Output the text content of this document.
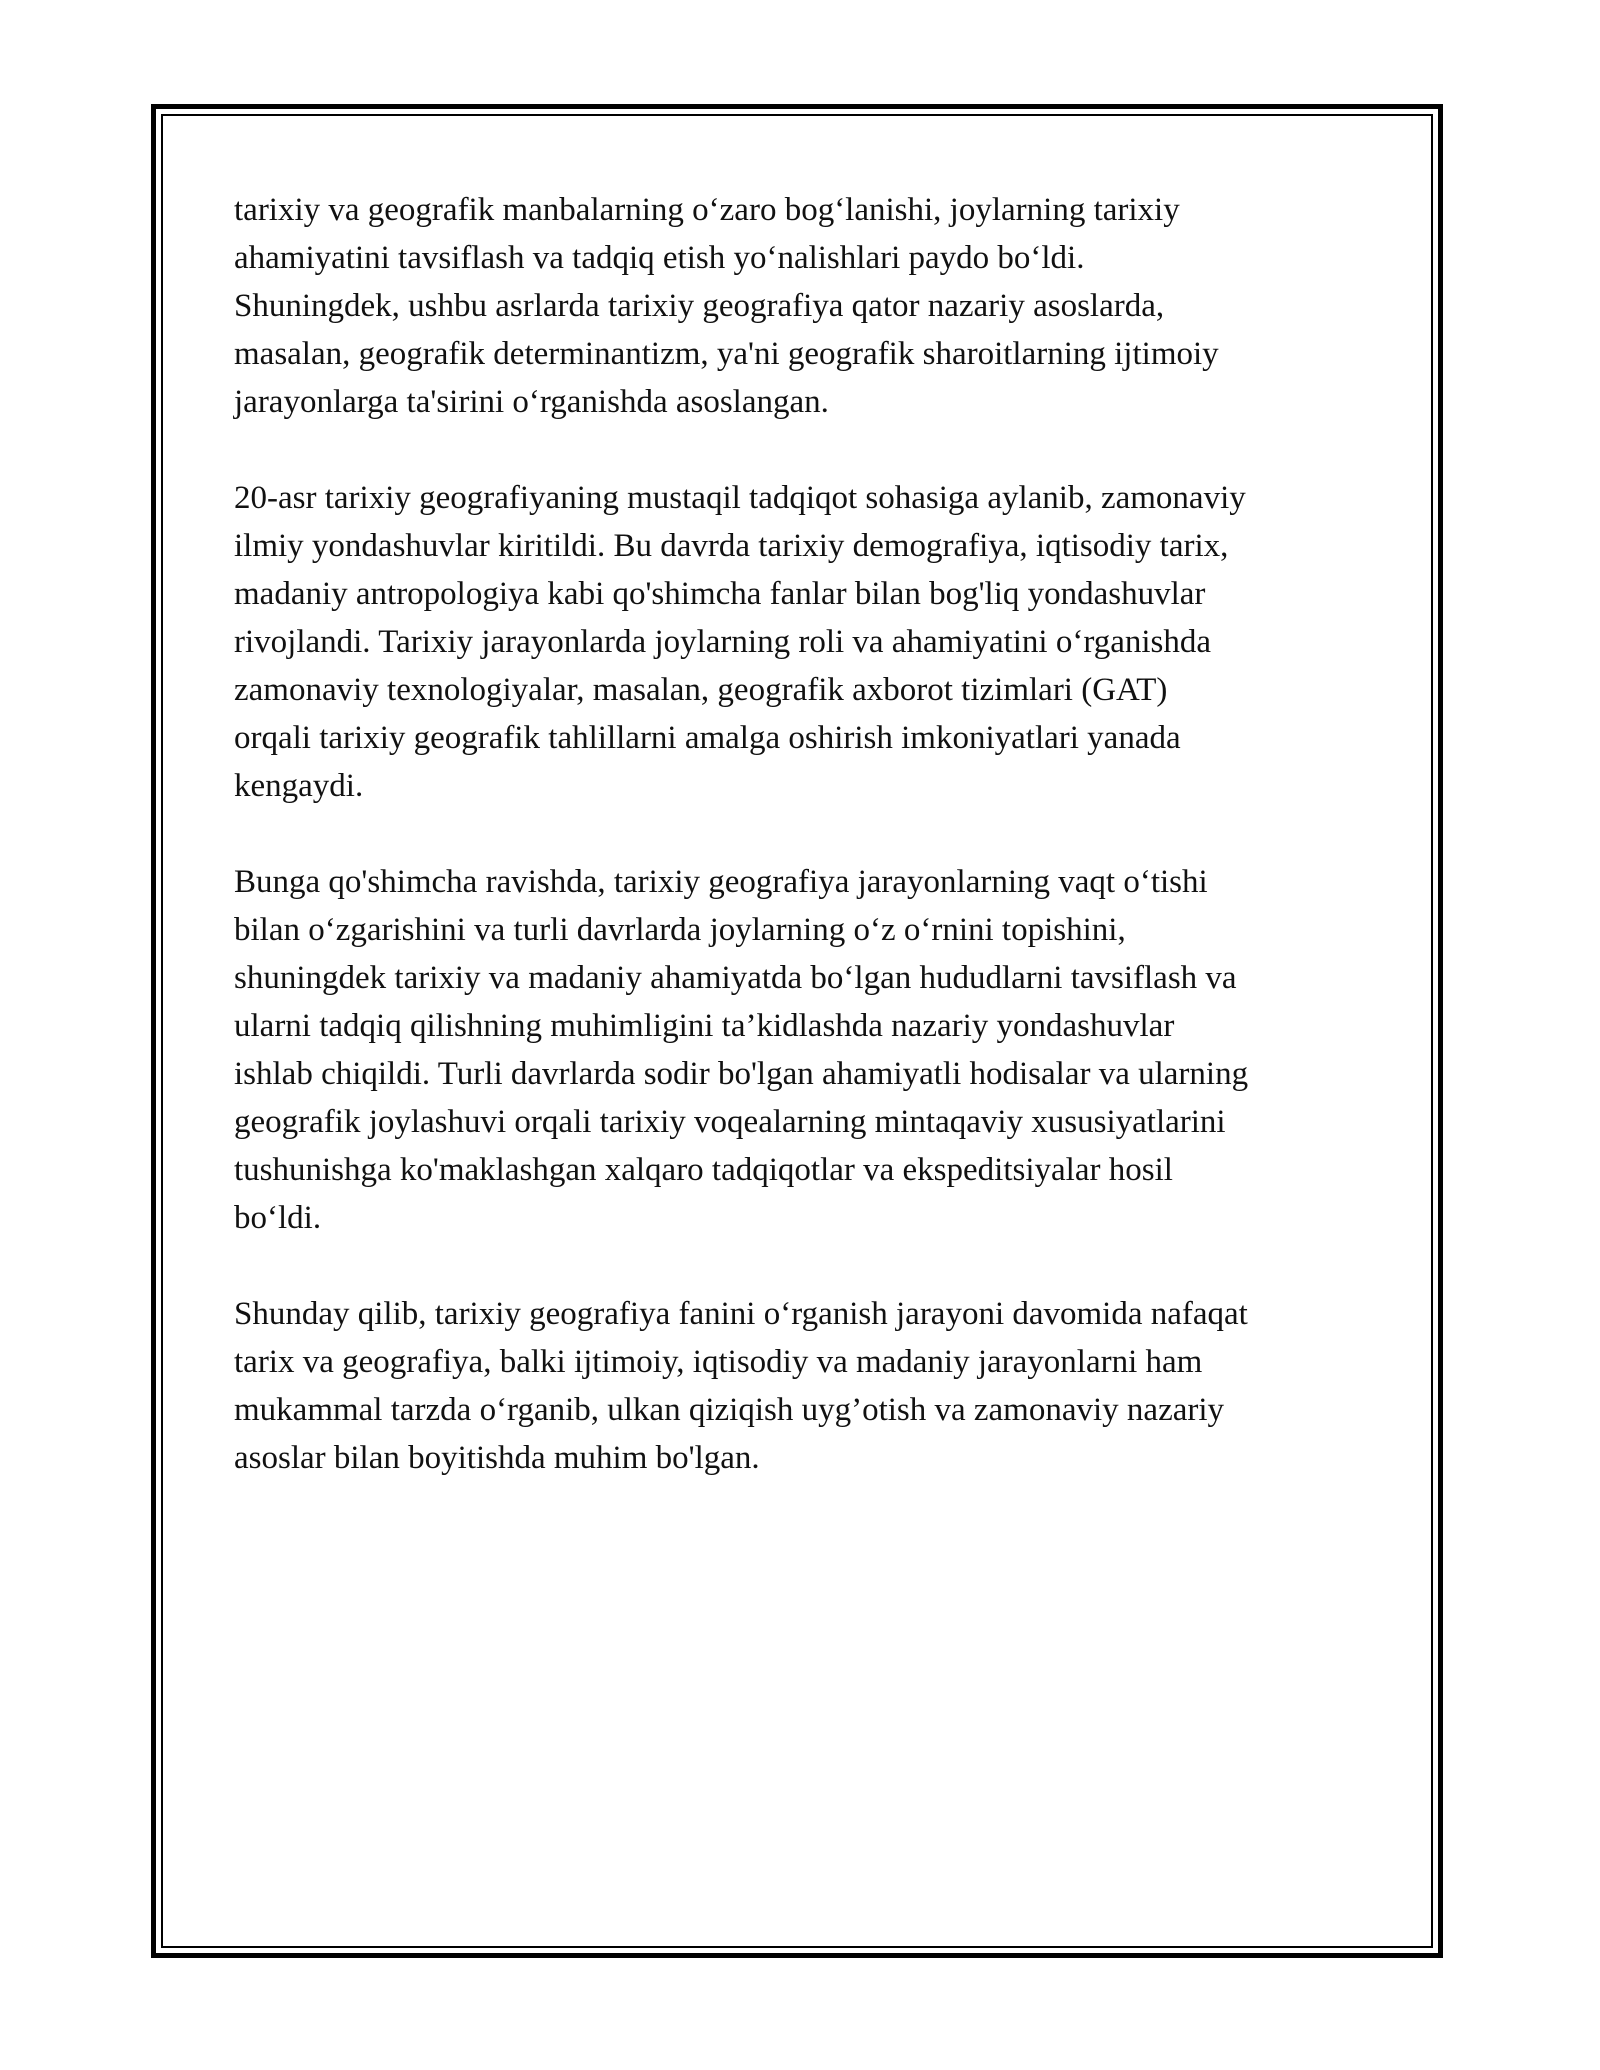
tarixiy va geografik manbalarning o‘zaro bog‘lanishi, joylarning tarixiy
ahamiyatini tavsiflash va tadqiq etish yo‘nalishlari paydo bo‘ldi.
Shuningdek, ushbu asrlarda tarixiy geografiya qator nazariy asoslarda,
masalan, geografik determinantizm, ya'ni geografik sharoitlarning ijtimoiy
jarayonlarga ta'sirini o‘rganishda asoslangan.

20-asr tarixiy geografiyaning mustaqil tadqiqot sohasiga aylanib, zamonaviy
ilmiy yondashuvlar kiritildi. Bu davrda tarixiy demografiya, iqtisodiy tarix,
madaniy antropologiya kabi qo'shimcha fanlar bilan bog'liq yondashuvlar
rivojlandi. Tarixiy jarayonlarda joylarning roli va ahamiyatini o‘rganishda
zamonaviy texnologiyalar, masalan, geografik axborot tizimlari (GAT)
orqali tarixiy geografik tahlillarni amalga oshirish imkoniyatlari yanada
kengaydi.

Bunga qo'shimcha ravishda, tarixiy geografiya jarayonlarning vaqt o‘tishi
bilan o‘zgarishini va turli davrlarda joylarning o‘z o‘rnini topishini,
shuningdek tarixiy va madaniy ahamiyatda bo‘lgan hududlarni tavsiflash va
ularni tadqiq qilishning muhimligini ta’kidlashda nazariy yondashuvlar
ishlab chiqildi. Turli davrlarda sodir bo'lgan ahamiyatli hodisalar va ularning
geografik joylashuvi orqali tarixiy voqealarning mintaqaviy xususiyatlarini
tushunishga ko'maklashgan xalqaro tadqiqotlar va ekspeditsiyalar hosil
bo‘ldi.

Shunday qilib, tarixiy geografiya fanini o‘rganish jarayoni davomida nafaqat
tarix va geografiya, balki ijtimoiy, iqtisodiy va madaniy jarayonlarni ham
mukammal tarzda o‘rganib, ulkan qiziqish uyg’otish va zamonaviy nazariy
asoslar bilan boyitishda muhim bo'lgan.
